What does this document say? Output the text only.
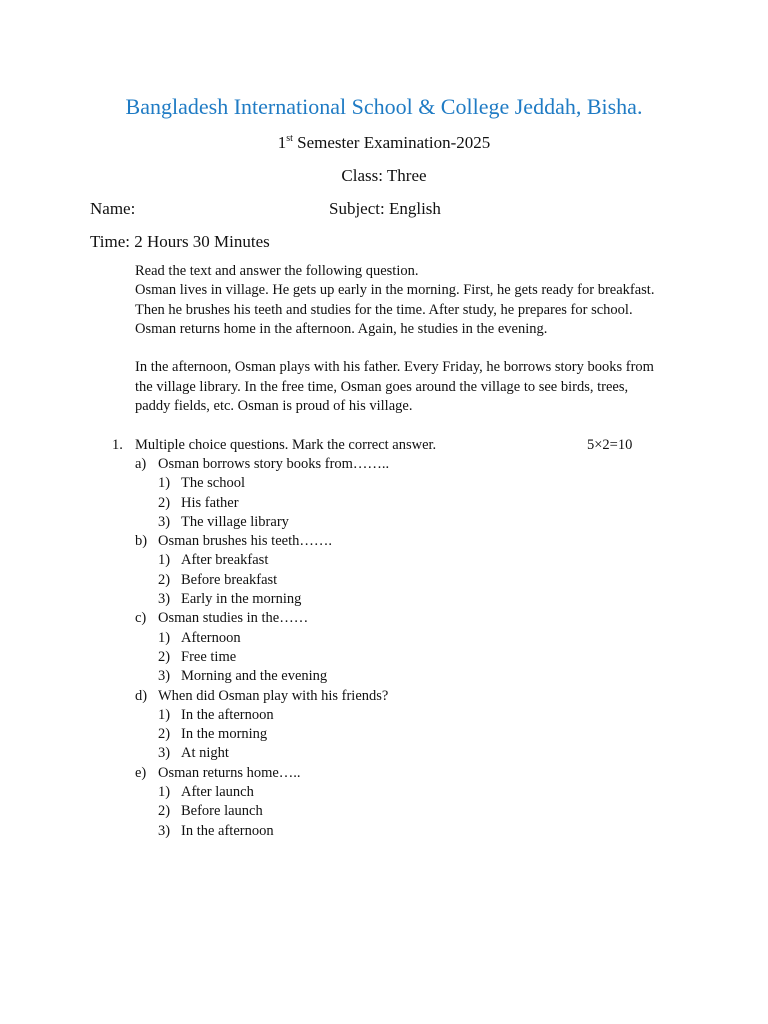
Bangladesh International School & College Jeddah, Bisha.
1st Semester Examination-2025
Class: Three
Name:	Subject: English
Time: 2 Hours 30 Minutes

Read the text and answer the following question.

Osman lives in village. He gets up early in the morning. First, he gets ready for breakfast.

Then he brushes his teeth and studies for the time. After study, he prepares for school.

Osman returns home in the afternoon. Again, he studies in the evening.

In the afternoon, Osman plays with his father. Every Friday, he borrows story books from

the village library. In the free time, Osman goes around the village to see birds, trees,

paddy fields, etc. Osman is proud of his village.

1. Multiple choice questions. Mark the correct answer.	5×2=10
a) Osman borrows story books from……..
1) The school
2) His father
3) The village library
b) Osman brushes his teeth…….
1) After breakfast
2) Before breakfast
3) Early in the morning
c) Osman studies in the……
1) Afternoon
2) Free time
3) Morning and the evening
d) When did Osman play with his friends?
1) In the afternoon
2) In the morning
3) At night
e) Osman returns home…..
1) After launch
2) Before launch
3) In the afternoon
